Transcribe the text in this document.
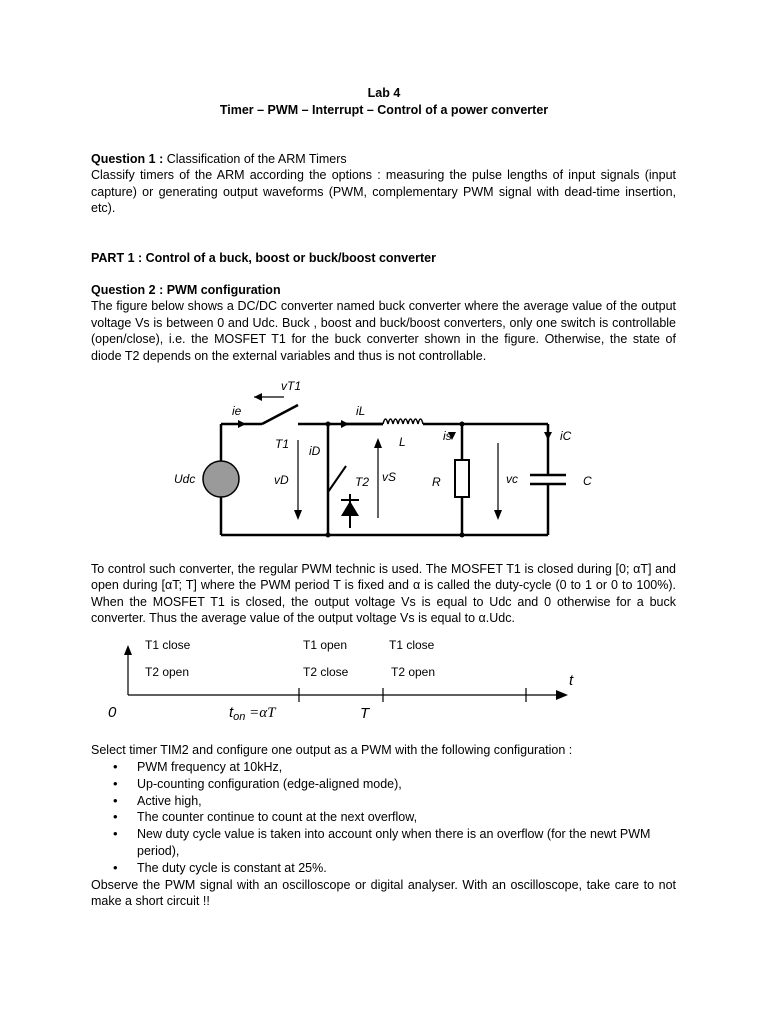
Lab 4
Timer – PWM – Interrupt – Control of a power converter
Question 1 : Classification of the ARM Timers
Classify timers of the ARM according the options : measuring the pulse lengths of input signals (input capture) or generating output waveforms (PWM, complementary PWM signal with dead-time insertion, etc).
PART 1 : Control of a buck, boost or buck/boost converter
Question 2 : PWM configuration
The figure below shows a DC/DC converter named buck converter where the average value of the output voltage Vs is between 0 and Udc. Buck , boost and buck/boost converters, only one switch is controllable (open/close), i.e. the MOSFET T1 for the buck converter shown in the figure. Otherwise, the state of diode T2 depends on the external variables and thus is not controllable.
vT1
ie	iL
L	is	iC
T1 iD
Udc	vD	T2 vS	R	vc	C
To control such converter, the regular PWM technic is used. The MOSFET T1 is closed during [0; αT] and open during [αT; T] where the PWM period T is fixed and α is called the duty-cycle (0 to 1 or 0 to 100%). When the MOSFET T1 is closed, the output voltage Vs is equal to Udc and 0 otherwise for a buck converter. Thus the average value of the output voltage Vs is equal to α.Udc.
T1 close
T2 open
T1 open
T2 close
T1 close
T2 open
0	$t_{on} =\alpha T$	T
t
Select timer TIM2 and configure one output as a PWM with the following configuration :
• PWM frequency at 10kHz,
• Up-counting configuration (edge-aligned mode),
• Active high,
• The counter continue to count at the next overflow,
• New duty cycle value is taken into account only when there is an overflow (for the newt PWM period),
• The duty cycle is constant at 25%.
Observe the PWM signal with an oscilloscope or digital analyser. With an oscilloscope, take care to not make a short circuit !!
